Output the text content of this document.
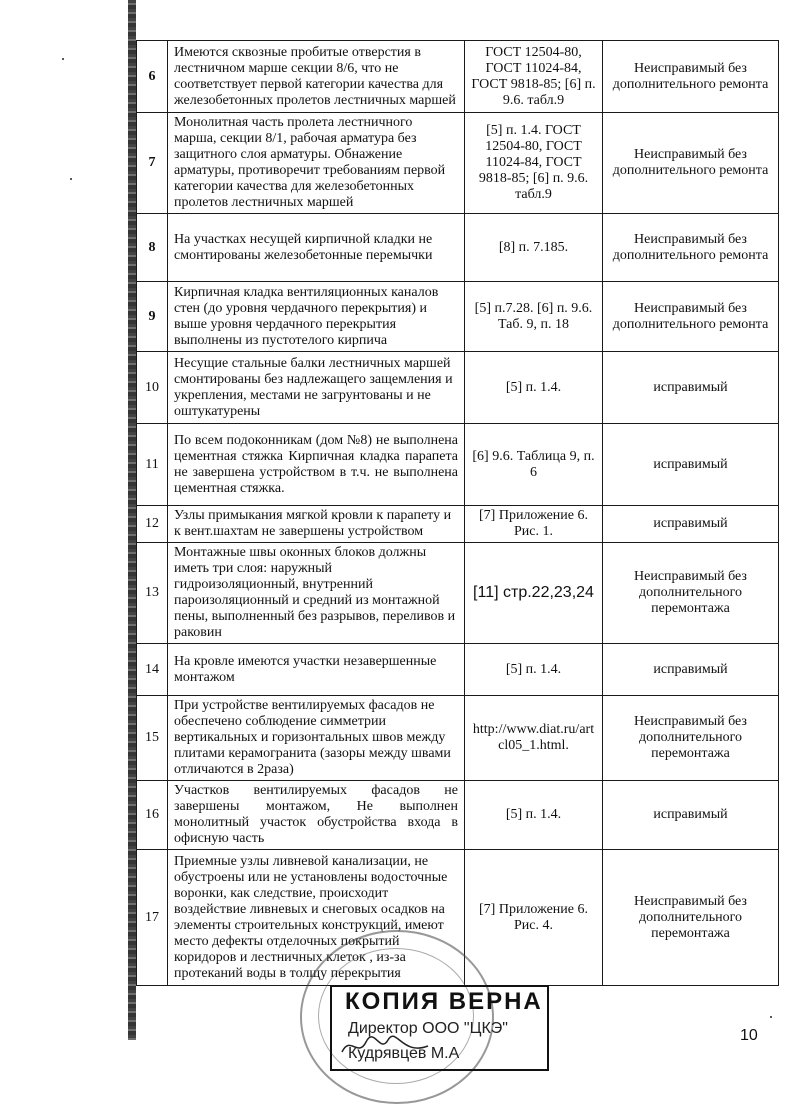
6	Имеются сквозные пробитые отверстия в лестничном марше секции 8/6, что не соответствует первой категории качества для железобетонных пролетов лестничных маршей	ГОСТ 12504-80, ГОСТ 11024-84, ГОСТ 9818-85; [6] п. 9.6. табл.9	Неисправимый без дополнительного ремонта
7	Монолитная часть пролета лестничного марша, секции 8/1, рабочая арматура без защитного слоя арматуры. Обнажение арматуры, противоречит требованиям первой категории качества для железобетонных пролетов лестничных маршей	[5] п. 1.4. ГОСТ 12504-80, ГОСТ 11024-84, ГОСТ 9818-85; [6] п. 9.6. табл.9	Неисправимый без дополнительного ремонта
8	На участках несущей кирпичной кладки не смонтированы железобетонные перемычки	[8] п. 7.185.	Неисправимый без дополнительного ремонта
9	Кирпичная кладка вентиляционных каналов стен (до уровня чердачного перекрытия) и выше уровня чердачного перекрытия выполнены из пустотелого кирпича	[5] п.7.28. [6] п. 9.6. Таб. 9, п. 18	Неисправимый без дополнительного ремонта
10	Несущие стальные балки лестничных маршей смонтированы без надлежащего защемления и укрепления, местами не загрунтованы и не оштукатурены	[5] п. 1.4.	исправимый
11	По всем подоконникам (дом №8) не выполнена цементная стяжка Кирпичная кладка парапета не завершена устройством в т.ч. не выполнена цементная стяжка.	[6] 9.6. Таблица 9, п. 6	исправимый
12	Узлы примыкания мягкой кровли к парапету и к вент.шахтам не завершены устройством	[7] Приложение 6. Рис. 1.	исправимый
13	Монтажные швы оконных блоков должны иметь три слоя: наружный гидроизоляционный, внутренний пароизоляционный и средний из монтажной пены, выполненный без разрывов, переливов и раковин	[11] стр.22,23,24	Неисправимый без дополнительного перемонтажа
14	На кровле имеются участки незавершенные монтажом	[5] п. 1.4.	исправимый
15	При устройстве вентилируемых фасадов не обеспечено соблюдение симметрии вертикальных и горизонтальных швов между плитами керамогранита (зазоры между швами отличаются в 2раза)	http://www.diat.ru/artcl05_1.html.	Неисправимый без дополнительного перемонтажа
16	Участков вентилируемых фасадов не завершены монтажом, Не выполнен монолитный участок обустройства входа в офисную часть	[5] п. 1.4.	исправимый
17	Приемные узлы ливневой канализации, не обустроены или не установлены водосточные воронки, как следствие, происходит воздействие ливневых и снеговых осадков на элементы строительных конструкций, имеют место дефекты отделочных покрытий коридоров и лестничных клеток , из-за протеканий воды в толщу перекрытия	[7] Приложение 6. Рис. 4.	Неисправимый без дополнительного перемонтажа
КОПИЯ ВЕРНА
Директор ООО "ЦКЭ"
Кудрявцев М.А
10
